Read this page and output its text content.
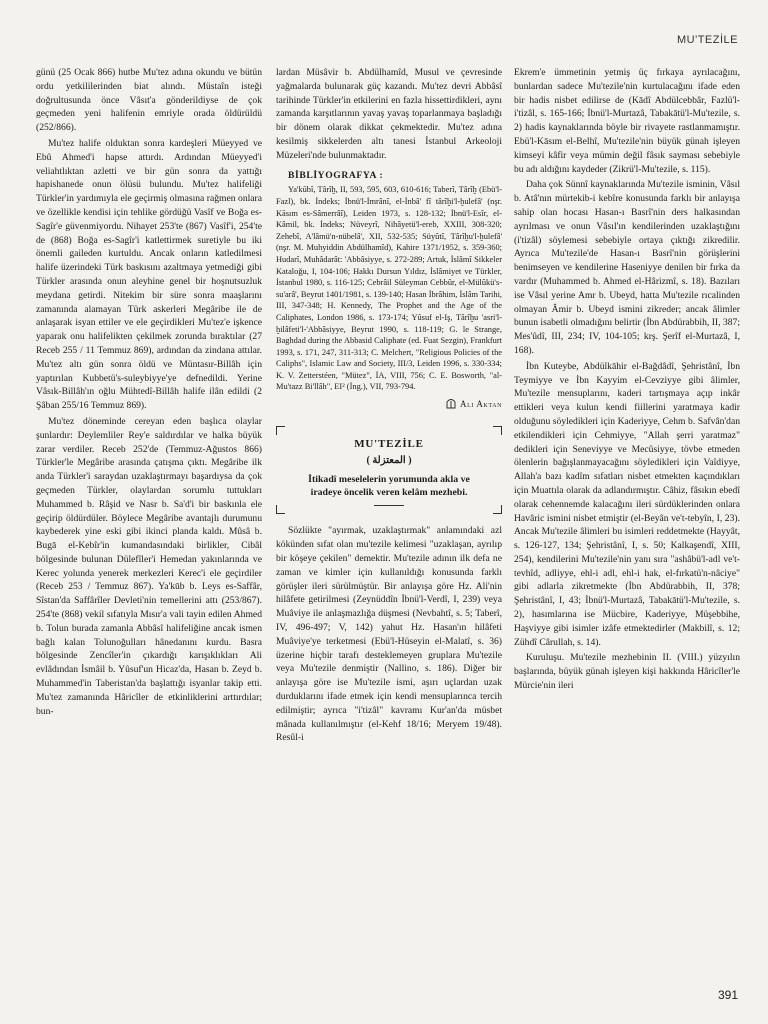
MU'TEZİLE

günü (25 Ocak 866) hutbe Mu'tez adına okundu ve bütün ordu yetkililerinden biat alındı. Müstaîn isteği doğrultusunda önce Vâsıt'a gönderildiyse de çok geçmeden yeni halifenin emriyle orada öldürüldü (252/866).

Mu'tez halife olduktan sonra kardeşleri Müeyyed ve Ebû Ahmed'i hapse attırdı. Ardından Müeyyed'i veliahtlıktan azletti ve bir gün sonra da yattığı hapishanede onun ölüsü bulundu. Mu'tez halifeliği Türkler'in yardımıyla ele geçirmiş olmasına rağmen onlara ve özellikle kendisi için tehlike gördüğü Vasîf ve Boğa es-Sagîr'e güvenmiyordu. Nihayet 253'te (867) Vasîf'i, 254'te de (868) Boğa es-Sagîr'i katlettirmek suretiyle bu iki önemli gaileden kurtuldu. Ancak onların katledilmesi halife üzerindeki Türk baskısını azaltmaya yetmediği gibi Türkler arasında onun aleyhine genel bir hoşnutsuzluk meydana getirdi. Nitekim bir süre sonra maaşlarını zamanında alamayan Türk askerleri Megâribe ile de anlaşarak isyan ettiler ve ele geçirdikleri Mu'tez'e işkence yaparak onu halifelikten çekilmek zorunda bıraktılar (27 Receb 255 / 11 Temmuz 869), ardından da zindana attılar. Mu'tez altı gün sonra öldü ve Müntasır-Billâh için yaptırılan Kubbetü's-suleybiyye'ye defnedildi. Yerine Vâsık-Billâh'ın oğlu Mühtedî-Billâh halife ilân edildi (2 Şâban 255/16 Temmuz 869).

Mu'tez döneminde cereyan eden başlıca olaylar şunlardır: Deylemliler Rey'e saldırdılar ve halka büyük zarar verdiler. Receb 252'de (Temmuz-Ağustos 866) Türkler'le Megâribe arasında çatışma çıktı. Megâribe ilk anda Türkler'i saraydan uzaklaştırmayı başardıysa da çok geçmeden Türkler, olaylardan sorumlu tuttukları Muhammed b. Râşid ve Nasr b. Sa'd'i bir baskınla ele geçirip öldürdüler. Böylece Megâribe avantajlı durumunu kaybederek yine eski gibi ikinci planda kaldı. Mûsâ b. Bugā el-Kebîr'in kumandasındaki birlikler, Cibâl bölgesinde bulunan Dülefîler'i Hemedan yakınlarında ve Kerec yolunda yenerek merkezleri Kerec'i ele geçirdiler (Receb 253 / Temmuz 867). Ya'kūb b. Leys es-Saffâr, Sîstan'da Saffârîler Devleti'nin temellerini attı (253/867). 254'te (868) vekil sıfatıyla Mısır'a vali tayin edilen Ahmed b. Tolun burada zamanla Abbâsî halifeliğine ancak ismen bağlı kalan Tolunoğulları hânedanını kurdu. Basra bölgesinde Zencîler'in çıkardığı karışıklıkları Ali evlâdından İsmâil b. Yûsuf'un Hicaz'da, Hasan b. Zeyd b. Muhammed'in Taberistan'da başlattığı isyanlar takip etti. Mu'tez zamanında Hâricîler de etkinliklerini arttırdılar; bun-

lardan Müsâvir b. Abdülhamîd, Musul ve çevresinde yağmalarda bulunarak güç kazandı. Mu'tez devri Abbâsî tarihinde Türkler'in etkilerini en fazla hissettirdikleri, aynı zamanda karşıtlarının yavaş yavaş toparlanmaya başladığı bir dönem olarak dikkat çekmektedir. Mu'tez adına kesilmiş sikkelerden altı tanesi İstanbul Arkeoloji Müzeleri'nde bulunmaktadır.

BİBLİYOGRAFYA :

Ya'kūbî, Târîḫ, II, 593, 595, 603, 610-616; Taberî, Târîḫ (Ebü'l-Fazl), bk. İndeks; İbnü'l-İmrânî, el-İnbâ' fî târîḫi'l-ḫulefâ' (nşr. Kāsım es-Sâmerrâî), Leiden 1973, s. 128-132; İbnü'l-Esîr, el-Kâmil, bk. İndeks; Nüveyrî, Nihâyetü'l-ereb, XXIII, 308-320; Zehebî, A'lâmü'n-nübelâ', XII, 532-535; Süyûtî, Târîḫu'l-ḫulefâ' (nşr. M. Muhyiddin Abdülhamîd), Kahire 1371/1952, s. 359-360; Hudarî, Muhâdarât: 'Abbâsiyye, s. 272-289; Artuk, İslâmî Sikkeler Kataloğu, I, 104-106; Hakkı Dursun Yıldız, İslâmiyet ve Türkler, İstanbul 1980, s. 116-125; Cebrâil Süleyman Cebbûr, el-Mülûkü's-su'arâ', Beyrut 1401/1981, s. 139-140; Hasan İbrâhim, İslâm Tarihi, III, 347-348; H. Kennedy, The Prophet and the Age of the Caliphates, London 1986, s. 173-174; Yûsuf el-Iş, Târîḫu 'asri'l-ḫilâfeti'l-'Abbâsiyye, Beyrut 1990, s. 118-119; G. le Strange, Baghdad during the Abbasid Caliphate (ed. Fuat Sezgin), Frankfurt 1993, s. 171, 247, 311-313; C. Melchert, "Religious Policies of the Caliphs", Islamic Law and Society, III/3, Leiden 1996, s. 330-334; K. V. Zetterstéen, "Mütez", İA, VIII, 756; C. E. Bosworth, "al-Mu'tazz Bi'llâh", EI² (İng.), VII, 793-794.

Ali Aktan
MU'TEZİLE
( المعتزلة )
İtikadî meselelerin yorumunda akla ve iradeye öncelik veren kelâm mezhebi.

Sözlükte "ayırmak, uzaklaştırmak" anlamındaki azl kökünden sıfat olan mu'tezile kelimesi "uzaklaşan, ayrılıp bir köşeye çekilen" demektir. Mu'tezile adının ilk defa ne zaman ve kimler için kullanıldığı konusunda farklı görüşler ileri sürülmüştür. Bir anlayışa göre Hz. Ali'nin hilâfete getirilmesi (Zeynüddîn İbnü'l-Verdî, I, 239) veya Muâviye ile anlaşmazlığa düşmesi (Nevbahtî, s. 5; Taberî, IV, 496-497; V, 142) yahut Hz. Hasan'ın hilâfeti Muâviye'ye terketmesi (Ebü'l-Hüseyin el-Malatî, s. 36) üzerine hiçbir tarafı desteklemeyen gruplara Mu'tezile veya Mu'tezile denmiştir (Nallino, s. 186). Diğer bir anlayışa göre ise Mu'tezile ismi, aşırı uçlardan uzak durduklarını ifade etmek için kendi mensuplarınca tercih edilmiştir; ayrıca "i'tizâl" kavramı Kur'an'da müsbet mânada kullanılmıştır (el-Kehf 18/16; Meryem 19/48). Resûl-i

Ekrem'e ümmetinin yetmiş üç fırkaya ayrılacağını, bunlardan sadece Mu'tezile'nin kurtulacağını ifade eden bir hadis nisbet edilirse de (Kādî Abdülcebbâr, Fazlü'l-i'tizâl, s. 165-166; İbnü'l-Murtazâ, Tabakātü'l-Mu'tezile, s. 2) hadis kaynaklarında böyle bir rivayete rastlanmamıştır. Ebü'l-Kāsım el-Belhî, Mu'tezile'nin büyük günah işleyen kimseyi kâfir veya mümin değil fâsık sayması sebebiyle bu adı aldığını kaydeder (Zikrü'l-Mu'tezile, s. 115).

Daha çok Sünnî kaynaklarında Mu'tezile isminin, Vâsıl b. Atâ'nın mürtekib-i kebîre konusunda farklı bir anlayışa sahip olan hocası Hasan-ı Basrî'nin ders halkasından ayrılması ve onun Vâsıl'ın kendilerinden uzaklaştığını (i'tizâl) söylemesi sebebiyle ortaya çıktığı zikredilir. Ayrıca Mu'tezile'de Hasan-ı Basrî'nin görüşlerini benimseyen ve kendilerine Haseniyye denilen bir fırka da vardır (Muhammed b. Ahmed el-Hârizmî, s. 18). Bazıları ise Vâsıl yerine Amr b. Ubeyd, hatta Mu'tezile rıcalinden olmayan Âmir b. Ubeyd ismini zikreder; ancak âlimler bunun isabetli olmadığını belirtir (İbn Abdürabbih, II, 387; Mes'ûdî, III, 234; IV, 104-105; krş. Şerîf el-Murtazâ, I, 168).

İbn Kuteybe, Abdülkāhir el-Bağdâdî, Şehristânî, İbn Teymiyye ve İbn Kayyim el-Cevziyye gibi âlimler, Mu'tezile mensuplarını, kaderi tartışmaya açıp inkâr ettikleri veya kulun kendi fiillerini yaratmaya kadir olduğunu söyledikleri için Kaderiyye, Cehm b. Safvân'dan etkilendikleri için Cehmiyye, "Allah şerri yaratmaz" dedikleri için Seneviyye ve Mecûsiyye, tövbe etmeden ölenlerin bağışlanmayacağını söyledikleri için Vaîdiyye, Allah'a bazı kadîm sıfatları nisbet etmekten kaçındıkları için Muattıla olarak da adlandırmıştır. Câhiz, fâsıkın ebedî olarak cehennemde kalacağını ileri sürdüklerinden onlara Havâric ismini nisbet etmiştir (el-Beyân ve't-tebyîn, I, 23). Ancak Mu'tezile âlimleri bu isimleri reddetmekte (Hayyât, s. 126-127, 134; Şehristânî, I, s. 50; Kalkaşendî, XIII, 254), kendilerini Mu'tezile'nin yanı sıra "ashâbü'l-adl ve't-tevhîd, adliyye, ehl-i adl, ehl-i hak, el-fırkatü'n-nâciye" gibi adlarla zikretmekte (İbn Abdürabbih, II, 378; Şehristânî, I, 43; İbnü'l-Murtazâ, Tabakātü'l-Mu'tezile, s. 2), hasımlarına ise Mücbire, Kaderiyye, Müşebbihe, Haşviyye gibi isimler izâfe etmektedirler (Makbilî, s. 12; Zühdî Cârullah, s. 14).

Kuruluşu. Mu'tezile mezhebinin II. (VIII.) yüzyılın başlarında, büyük günah işleyen kişi hakkında Hâricîler'le Mürcie'nin ileri

391
